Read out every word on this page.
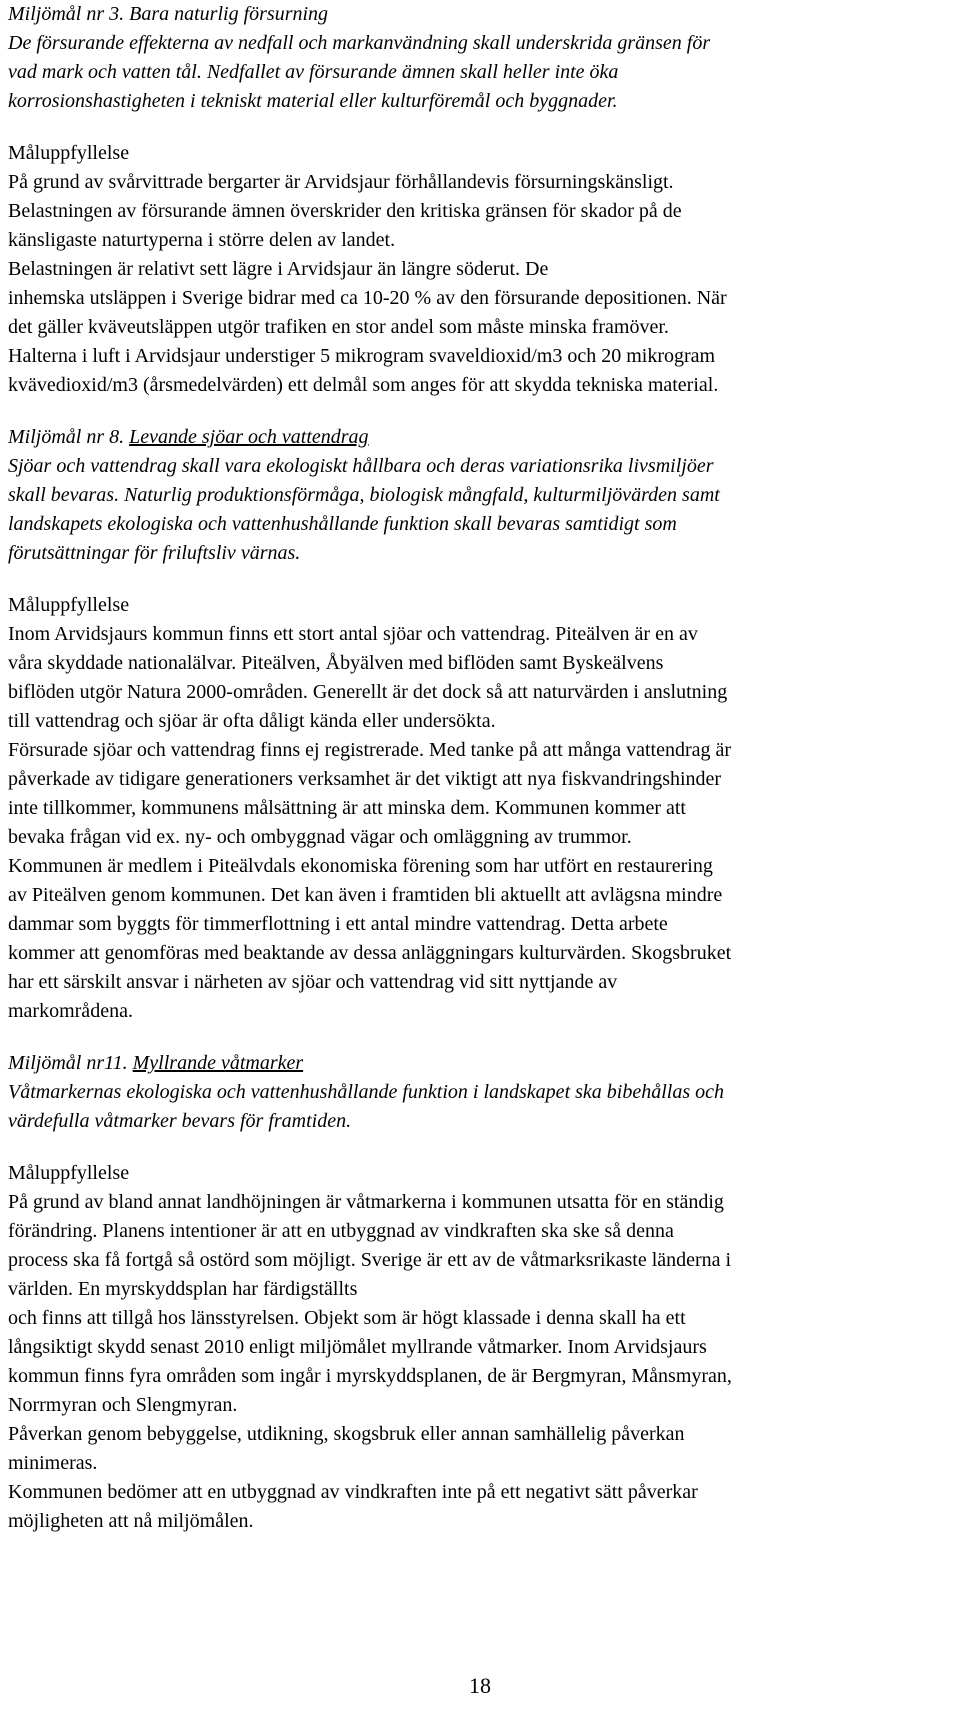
Miljömål nr 3. Bara naturlig försurning

De försurande effekterna av nedfall och markanvändning skall underskrida gränsen för

vad mark och vatten tål. Nedfallet av försurande ämnen skall heller inte öka

korrosionshastigheten i tekniskt material eller kulturföremål och byggnader.

Måluppfyllelse

På grund av svårvittrade bergarter är Arvidsjaur förhållandevis försurningskänsligt.

Belastningen av försurande ämnen överskrider den kritiska gränsen för skador på de

känsligaste naturtyperna i större delen av landet.

Belastningen är relativt sett lägre i Arvidsjaur än längre söderut. De

inhemska utsläppen i Sverige bidrar med ca 10-20 % av den försurande depositionen. När

det gäller kväveutsläppen utgör trafiken en stor andel som måste minska framöver.

Halterna i luft i Arvidsjaur understiger 5 mikrogram svaveldioxid/m3 och 20 mikrogram

kvävedioxid/m3 (årsmedelvärden) ett delmål som anges för att skydda tekniska material.

Miljömål nr 8. Levande sjöar och vattendrag

Sjöar och vattendrag skall vara ekologiskt hållbara och deras variationsrika livsmiljöer

skall bevaras. Naturlig produktionsförmåga, biologisk mångfald, kulturmiljövärden samt

landskapets ekologiska och vattenhushållande funktion skall bevaras samtidigt som

förutsättningar för friluftsliv värnas.

Måluppfyllelse

Inom Arvidsjaurs kommun finns ett stort antal sjöar och vattendrag. Piteälven är en av

våra skyddade nationalälvar. Piteälven, Åbyälven med biflöden samt Byskeälvens

biflöden utgör Natura 2000-områden. Generellt är det dock så att naturvärden i anslutning

till vattendrag och sjöar är ofta dåligt kända eller undersökta.

Försurade sjöar och vattendrag finns ej registrerade. Med tanke på att många vattendrag är

påverkade av tidigare generationers verksamhet är det viktigt att nya fiskvandringshinder

inte tillkommer, kommunens målsättning är att minska dem. Kommunen kommer att

bevaka frågan vid ex. ny- och ombyggnad vägar och omläggning av trummor.

Kommunen är medlem i Piteälvdals ekonomiska förening som har utfört en restaurering

av Piteälven genom kommunen. Det kan även i framtiden bli aktuellt att avlägsna mindre

dammar som byggts för timmerflottning i ett antal mindre vattendrag. Detta arbete

kommer att genomföras med beaktande av dessa anläggningars kulturvärden. Skogsbruket

har ett särskilt ansvar i närheten av sjöar och vattendrag vid sitt nyttjande av

markområdena.

Miljömål nr11. Myllrande våtmarker

Våtmarkernas ekologiska och vattenhushållande funktion i landskapet ska bibehållas och

värdefulla våtmarker bevars för framtiden.

Måluppfyllelse

På grund av bland annat landhöjningen är våtmarkerna i kommunen utsatta för en ständig

förändring. Planens intentioner är att en utbyggnad av vindkraften ska ske så denna

process ska få fortgå så ostörd som möjligt. Sverige är ett av de våtmarksrikaste länderna i

världen. En myrskyddsplan har färdigställts

och finns att tillgå hos länsstyrelsen. Objekt som är högt klassade i denna skall ha ett

långsiktigt skydd senast 2010 enligt miljömålet myllrande våtmarker. Inom Arvidsjaurs

kommun finns fyra områden som ingår i myrskyddsplanen, de är Bergmyran, Månsmyran,

Norrmyran och Slengmyran.

Påverkan genom bebyggelse, utdikning, skogsbruk eller annan samhällelig påverkan

minimeras.

Kommunen bedömer att en utbyggnad av vindkraften inte på ett negativt sätt påverkar

möjligheten att nå miljömålen.

18
